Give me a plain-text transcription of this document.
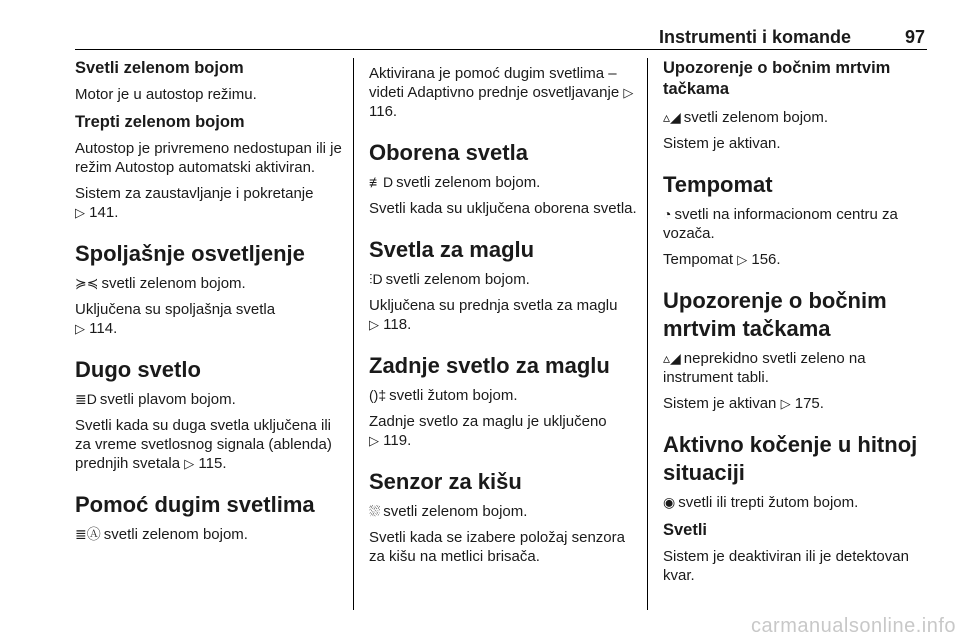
Instrumenti i komande	97
Svetli zelenom bojom

Motor je u autostop režimu.

Trepti zelenom bojom

Autostop je privremeno nedostupan ili je režim Autostop automatski aktiviran.

Sistem za zaustavljanje i pokretanje
▷ 141.

Spoljašnje osvetljenje

≽≼ svetli zelenom bojom.

Uključena su spoljašnja svetla
▷ 114.

Dugo svetlo

≣D svetli plavom bojom.

Svetli kada su duga svetla uključena ili za vreme svetlosnog signala (ablenda) prednjih svetala ▷ 115.

Pomoć dugim svetlima

≣Ⓐ svetli zelenom bojom.

Aktivirana je pomoć dugim svetlima – videti Adaptivno prednje osvetljavanje ▷ 116.

Oborena svetla

≢D svetli zelenom bojom.

Svetli kada su uključena oborena svetla.

Svetla za maglu

⫶D svetli zelenom bojom.

Uključena su prednja svetla za maglu
▷ 118.

Zadnje svetlo za maglu

()‡ svetli žutom bojom.

Zadnje svetlo za maglu je uključeno
▷ 119.

Senzor za kišu

⛆ svetli zelenom bojom.

Svetli kada se izabere položaj senzora za kišu na metlici brisača.

Upozorenje o bočnim mrtvim tačkama

▵◢ svetli zelenom bojom.

Sistem je aktivan.

Tempomat

◔ svetli na informacionom centru za vozača.

Tempomat ▷ 156.

Upozorenje o bočnim mrtvim tačkama

▵◢ neprekidno svetli zeleno na instrument tabli.

Sistem je aktivan ▷ 175.

Aktivno kočenje u hitnoj situaciji

◉ svetli ili trepti žutom bojom.

Svetli

Sistem je deaktiviran ili je detektovan kvar.

carmanualsonline.info
